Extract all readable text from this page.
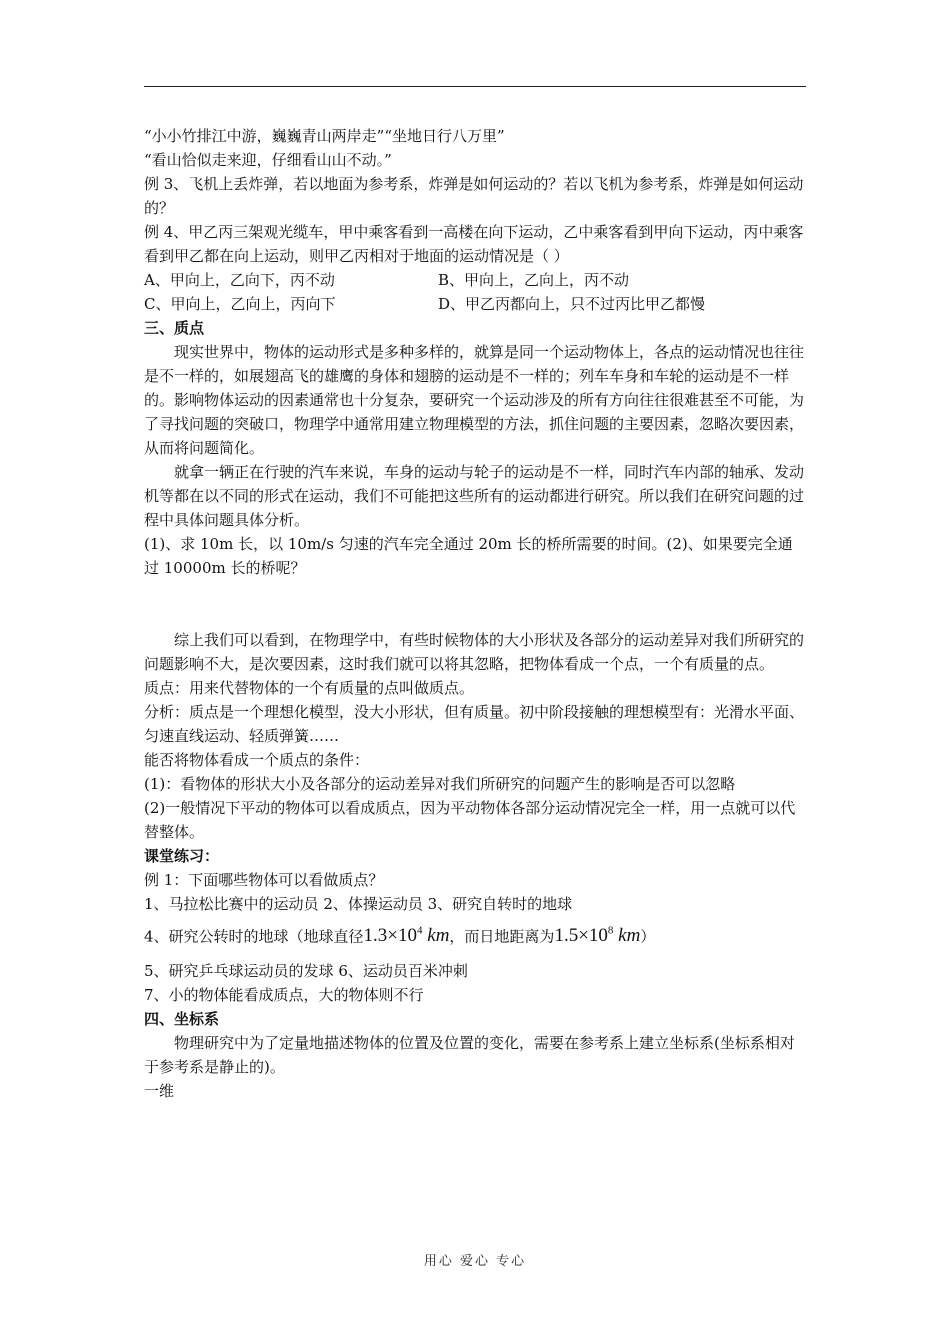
“小小竹排江中游，巍巍青山两岸走”“坐地日行八万里”

“看山恰似走来迎，仔细看山山不动。”

例 3、飞机上丢炸弹，若以地面为参考系，炸弹是如何运动的？若以飞机为参考系，炸弹是如何运动的？

例 4、甲乙丙三架观光缆车，甲中乘客看到一高楼在向下运动，乙中乘客看到甲向下运动，丙中乘客看到甲乙都在向上运动，则甲乙丙相对于地面的运动情况是（ ）

A、甲向上，乙向下，丙不动	B、甲向上，乙向上，丙不动
C、甲向上，乙向上，丙向下	D、甲乙丙都向上，只不过丙比甲乙都慢

三、质点

现实世界中，物体的运动形式是多种多样的，就算是同一个运动物体上，各点的运动情况也往往是不一样的，如展翅高飞的雄鹰的身体和翅膀的运动是不一样的；列车车身和车轮的运动是不一样的。影响物体运动的因素通常也十分复杂，要研究一个运动涉及的所有方向往往很难甚至不可能，为了寻找问题的突破口，物理学中通常用建立物理模型的方法，抓住问题的主要因素，忽略次要因素，从而将问题简化。

就拿一辆正在行驶的汽车来说，车身的运动与轮子的运动是不一样，同时汽车内部的轴承、发动机等都在以不同的形式在运动，我们不可能把这些所有的运动都进行研究。所以我们在研究问题的过程中具体问题具体分析。

(1)、求 10m 长，以 10m/s 匀速的汽车完全通过 20m 长的桥所需要的时间。(2)、如果要完全通过 10000m 长的桥呢？

综上我们可以看到，在物理学中，有些时候物体的大小形状及各部分的运动差异对我们所研究的问题影响不大，是次要因素，这时我们就可以将其忽略，把物体看成一个点，一个有质量的点。

质点：用来代替物体的一个有质量的点叫做质点。

分析：质点是一个理想化模型，没大小形状，但有质量。初中阶段接触的理想模型有：光滑水平面、匀速直线运动、轻质弹簧……

能否将物体看成一个质点的条件：

(1)：看物体的形状大小及各部分的运动差异对我们所研究的问题产生的影响是否可以忽略

(2)一般情况下平动的物体可以看成质点，因为平动物体各部分运动情况完全一样，用一点就可以代替整体。

课堂练习：

例 1：下面哪些物体可以看做质点？

1、马拉松比赛中的运动员 2、体操运动员 3、研究自转时的地球

4、研究公转时的地球（地球直径$1.3\times 10^4$ km，而日地距离为$1.5\times 10^8$ km）

5、研究乒乓球运动员的发球 6、运动员百米冲刺

7、小的物体能看成质点，大的物体则不行

四、坐标系

物理研究中为了定量地描述物体的位置及位置的变化，需要在参考系上建立坐标系(坐标系相对于参考系是静止的)。

一维

用心 爱心 专心
